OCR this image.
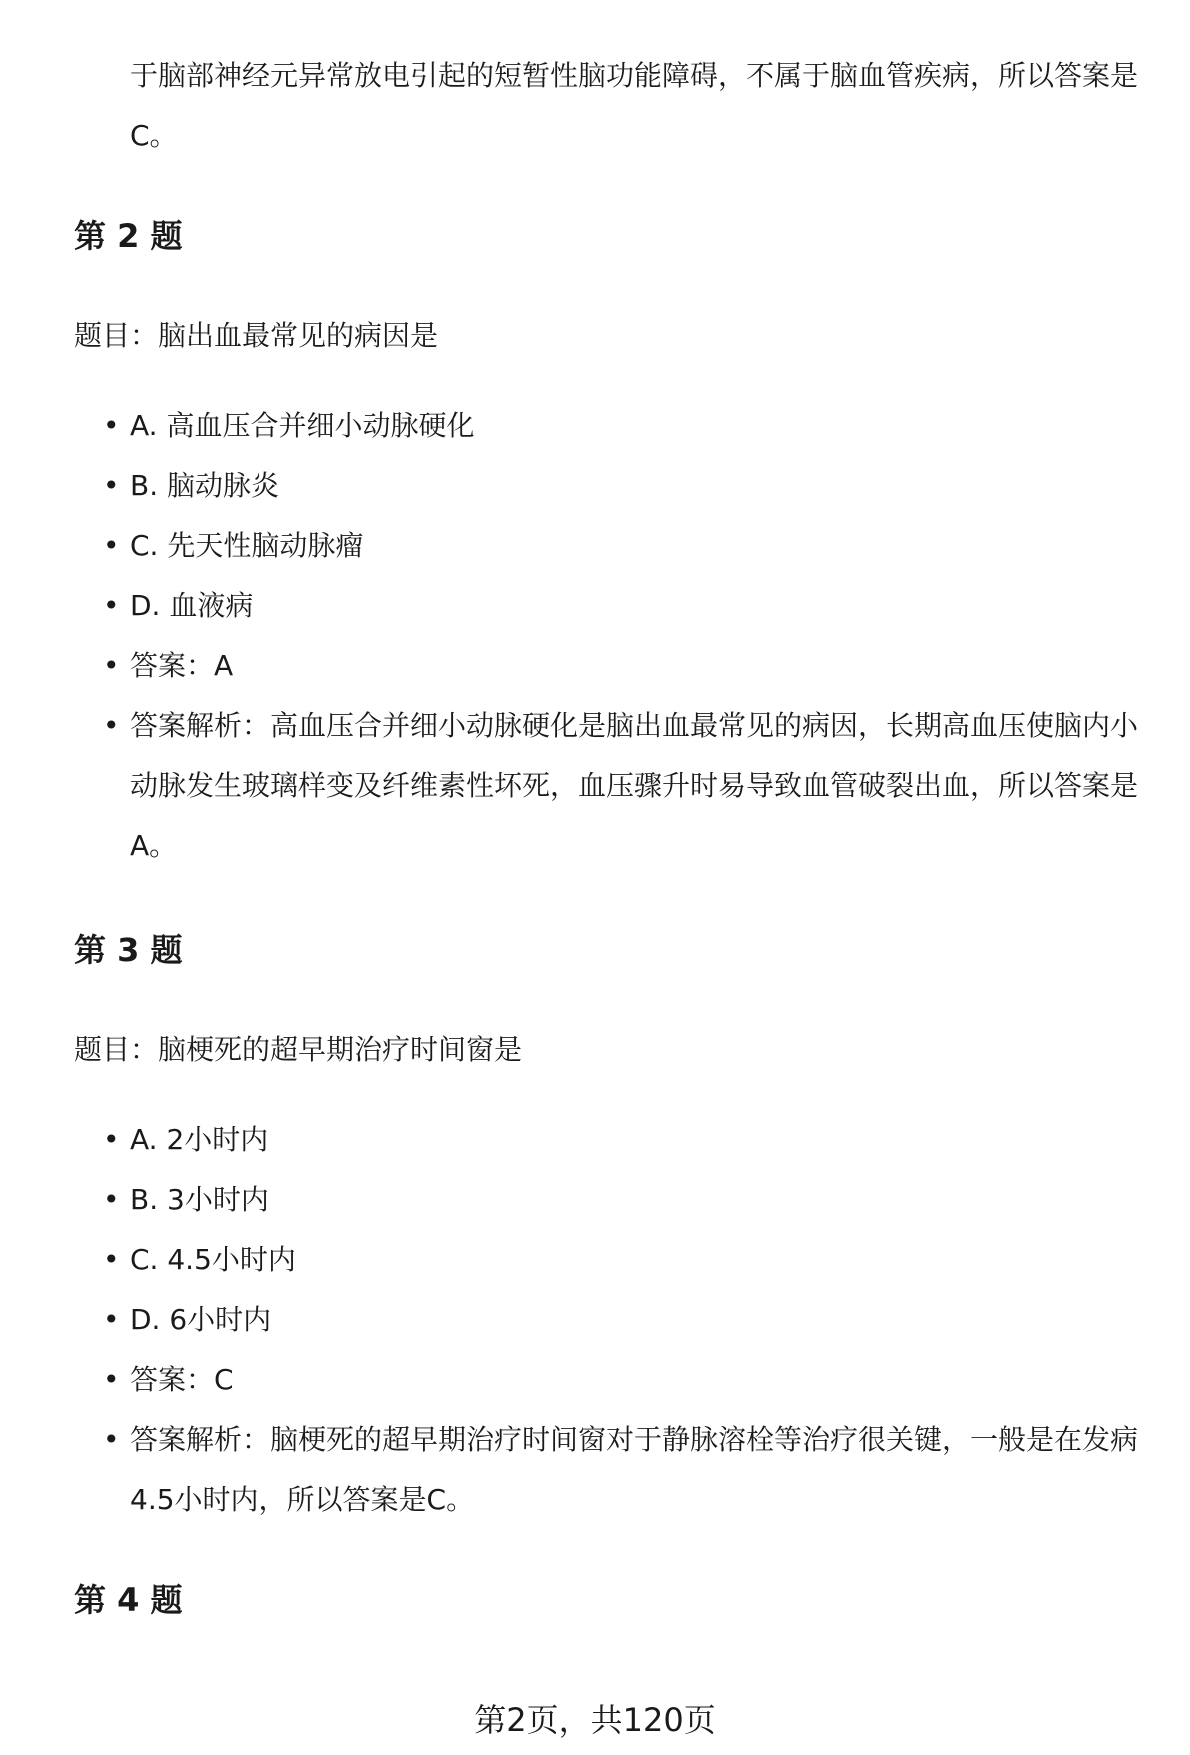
于脑部神经元异常放电引起的短暂性脑功能障碍，不属于脑血管疾病，所以答案是C。
第 2 题
题目：脑出血最常见的病因是
• A. 高血压合并细小动脉硬化
• B. 脑动脉炎
• C. 先天性脑动脉瘤
• D. 血液病
• 答案：A
• 答案解析：高血压合并细小动脉硬化是脑出血最常见的病因，长期高血压使脑内小动脉发生玻璃样变及纤维素性坏死，血压骤升时易导致血管破裂出血，所以答案是A。
第 3 题
题目：脑梗死的超早期治疗时间窗是
• A. 2小时内
• B. 3小时内
• C. 4.5小时内
• D. 6小时内
• 答案：C
• 答案解析：脑梗死的超早期治疗时间窗对于静脉溶栓等治疗很关键，一般是在发病4.5小时内，所以答案是C。
第 4 题
第2页，共120页
